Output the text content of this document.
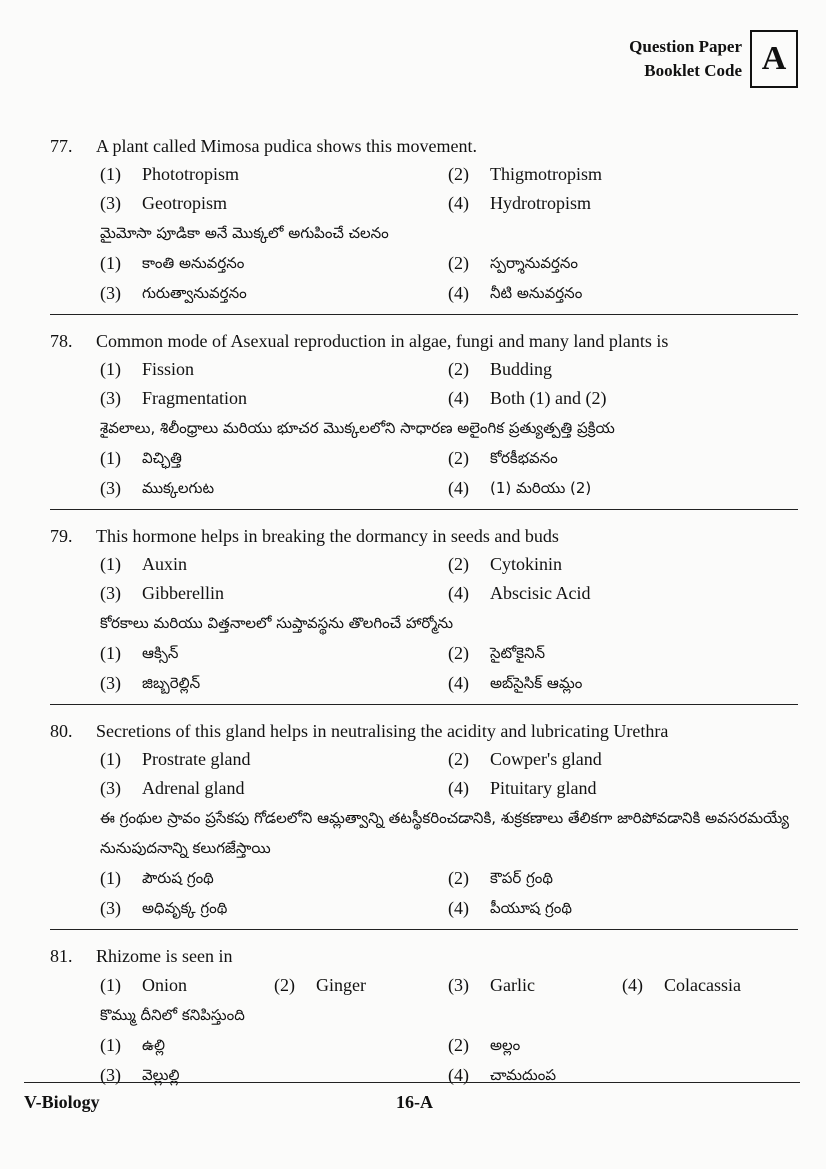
Question Paper
Booklet Code A
77.	A plant called Mimosa pudica shows this movement.
(1)	Phototropism	(2)	Thigmotropism
(3)	Geotropism	(4)	Hydrotropism
మైమోసా పూడికా అనే మొక్కలో అగుపించే చలనం
(1)	కాంతి అనువర్తనం	(2)	స్పర్శానువర్తనం
(3)	గురుత్వానువర్తనం	(4)	నీటి అనువర్తనం
78.	Common mode of Asexual reproduction in algae, fungi and many land plants is
(1)	Fission	(2)	Budding
(3)	Fragmentation	(4)	Both (1) and (2)
శైవలాలు, శిలీంధ్రాలు మరియు భూచర మొక్కలలోని సాధారణ అలైంగిక ప్రత్యుత్పత్తి ప్రక్రియ
(1)	విచ్ఛిత్తి	(2)	కోరకీభవనం
(3)	ముక్కలగుట	(4)	(1) మరియు (2)
79.	This hormone helps in breaking the dormancy in seeds and buds
(1)	Auxin	(2)	Cytokinin
(3)	Gibberellin	(4)	Abscisic Acid
కోరకాలు మరియు విత్తనాలలో సుప్తావస్థను తొలగించే హార్మోను
(1)	ఆక్సిన్	(2)	సైటోకైనిన్
(3)	జిబ్బరెల్లిన్	(4)	అబ్‌సైసిక్ ఆమ్లం
80.	Secretions of this gland helps in neutralising the acidity and lubricating Urethra
(1)	Prostrate gland	(2)	Cowper's gland
(3)	Adrenal gland	(4)	Pituitary gland
ఈ గ్రంథుల స్రావం ప్రసేకపు గోడలలోని ఆమ్లత్వాన్ని తటస్థీకరించడానికి, శుక్రకణాలు తేలికగా జారిపోవడానికి అవసరమయ్యే నునుపుదనాన్ని కలుగజేస్తాయి
(1)	పౌరుష గ్రంథి	(2)	కౌపర్ గ్రంథి
(3)	అధివృక్క గ్రంథి	(4)	పీయూష గ్రంథి
81.	Rhizome is seen in
(1)	Onion	(2)	Ginger	(3)	Garlic	(4)	Colacassia
కొమ్ము దీనిలో కనిపిస్తుంది
(1)	ఉల్లి	(2)	అల్లం
(3)	వెల్లుల్లి	(4)	చామదుంప
V-Biology	16-A
